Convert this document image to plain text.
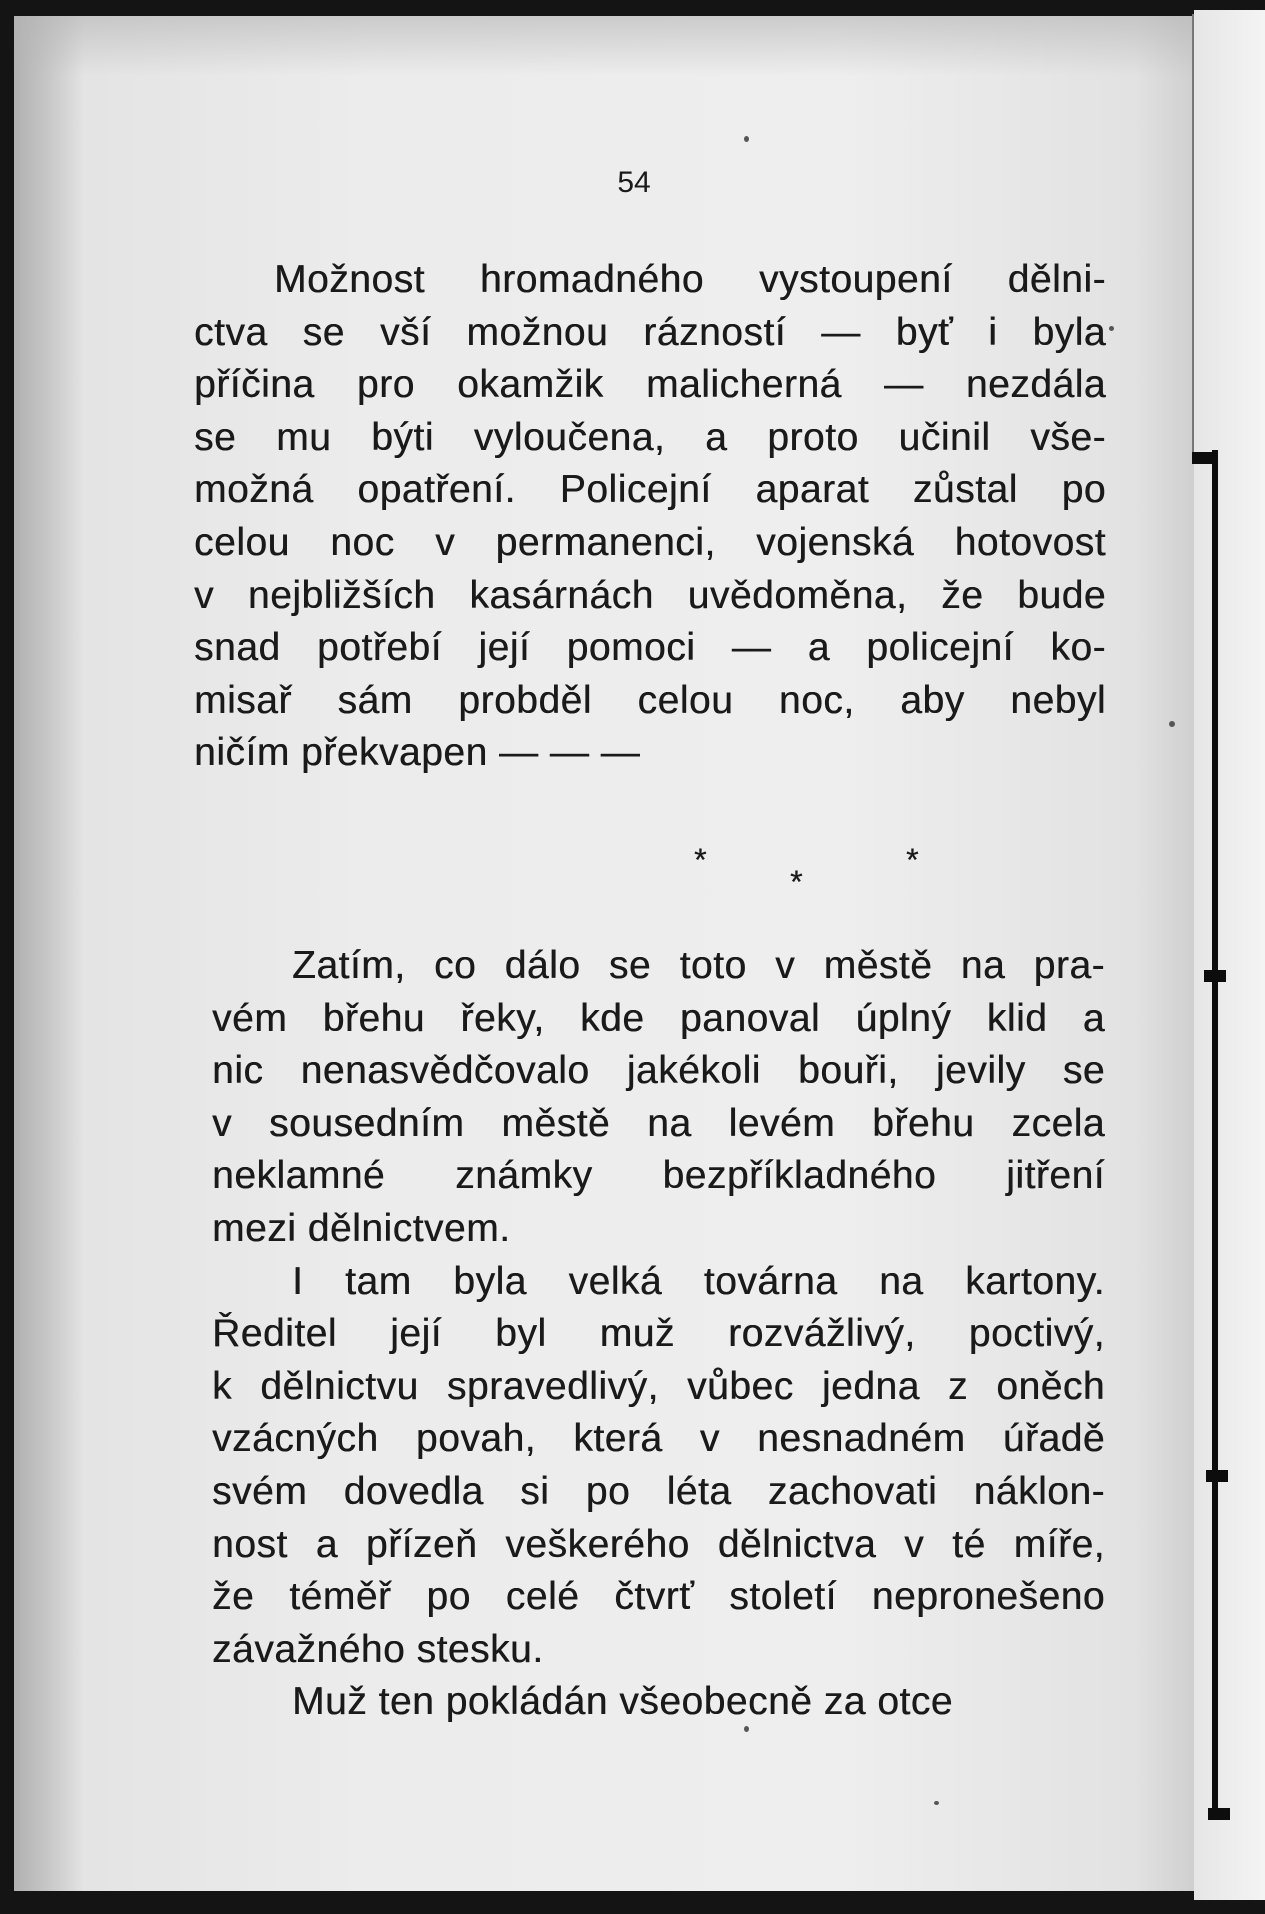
54

Možnost hromadného vystoupení dělni-
ctva se vší možnou rázností — byť i byla
příčina pro okamžik malicherná — nezdála
se mu býti vyloučena, a proto učinil vše-
možná opatření. Policejní aparat zůstal po
celou noc v permanenci, vojenská hotovost
v nejbližších kasárnách uvědoměna, že bude
snad potřebí její pomoci — a policejní ko-
misař sám probděl celou noc, aby nebyl
ničím překvapen — — —

*
*
*

Zatím, co dálo se toto v městě na pra-
vém břehu řeky, kde panoval úplný klid a
nic nenasvědčovalo jakékoli bouři, jevily se
v sousedním městě na levém břehu zcela
neklamné známky bezpříkladného jitření
mezi dělnictvem.

I tam byla velká továrna na kartony.
Ředitel její byl muž rozvážlivý, poctivý,
k dělnictvu spravedlivý, vůbec jedna z oněch
vzácných povah, která v nesnadném úřadě
svém dovedla si po léta zachovati náklon-
nost a přízeň veškerého dělnictva v té míře,
že téměř po celé čtvrť století nepronešeno
závažného stesku.

Muž ten pokládán všeobecně za otce
